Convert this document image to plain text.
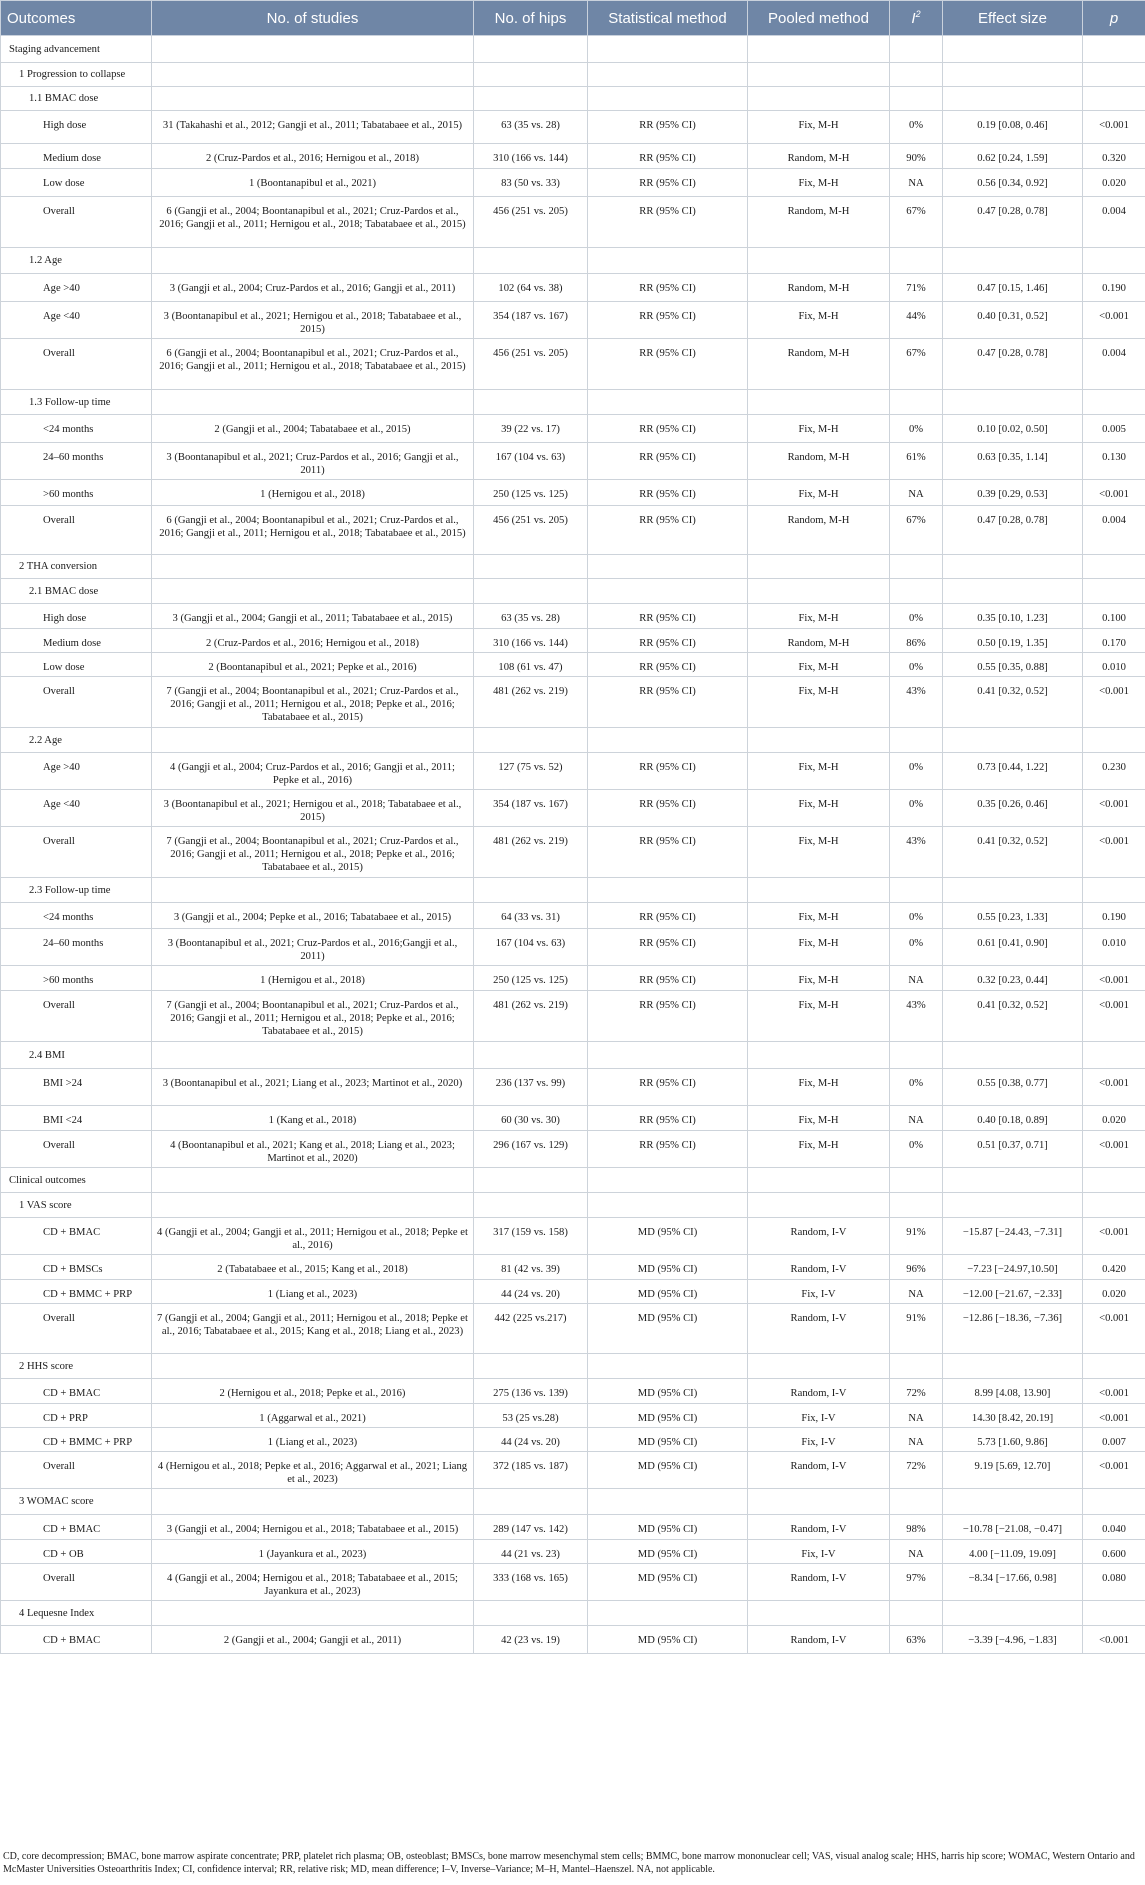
Outcomes	No. of studies	No. of hips	Statistical method	Pooled method	$I^2$	Effect size	p
Staging advancement							
1 Progression to collapse							
1.1 BMAC dose							
High dose	31 (Takahashi et al., 2012; Gangji et al., 2011; Tabatabaee et al., 2015)	63 (35 vs. 28)	RR (95% CI)	Fix, M-H	0%	0.19 [0.08, 0.46]	<0.001
Medium dose	2 (Cruz-Pardos et al., 2016; Hernigou et al., 2018)	310 (166 vs. 144)	RR (95% CI)	Random, M-H	90%	0.62 [0.24, 1.59]	0.320
Low dose	1 (Boontanapibul et al., 2021)	83 (50 vs. 33)	RR (95% CI)	Fix, M-H	NA	0.56 [0.34, 0.92]	0.020
Overall	6 (Gangji et al., 2004; Boontanapibul et al., 2021; Cruz-Pardos et al., 2016; Gangji et al., 2011; Hernigou et al., 2018; Tabatabaee et al., 2015)	456 (251 vs. 205)	RR (95% CI)	Random, M-H	67%	0.47 [0.28, 0.78]	0.004
1.2 Age							
Age >40	3 (Gangji et al., 2004; Cruz-Pardos et al., 2016; Gangji et al., 2011)	102 (64 vs. 38)	RR (95% CI)	Random, M-H	71%	0.47 [0.15, 1.46]	0.190
Age <40	3 (Boontanapibul et al., 2021; Hernigou et al., 2018; Tabatabaee et al., 2015)	354 (187 vs. 167)	RR (95% CI)	Fix, M-H	44%	0.40 [0.31, 0.52]	<0.001
Overall	6 (Gangji et al., 2004; Boontanapibul et al., 2021; Cruz-Pardos et al., 2016; Gangji et al., 2011; Hernigou et al., 2018; Tabatabaee et al., 2015)	456 (251 vs. 205)	RR (95% CI)	Random, M-H	67%	0.47 [0.28, 0.78]	0.004
1.3 Follow-up time							
<24 months	2 (Gangji et al., 2004; Tabatabaee et al., 2015)	39 (22 vs. 17)	RR (95% CI)	Fix, M-H	0%	0.10 [0.02, 0.50]	0.005
24–60 months	3 (Boontanapibul et al., 2021; Cruz-Pardos et al., 2016; Gangji et al., 2011)	167 (104 vs. 63)	RR (95% CI)	Random, M-H	61%	0.63 [0.35, 1.14]	0.130
>60 months	1 (Hernigou et al., 2018)	250 (125 vs. 125)	RR (95% CI)	Fix, M-H	NA	0.39 [0.29, 0.53]	<0.001
Overall	6 (Gangji et al., 2004; Boontanapibul et al., 2021; Cruz-Pardos et al., 2016; Gangji et al., 2011; Hernigou et al., 2018; Tabatabaee et al., 2015)	456 (251 vs. 205)	RR (95% CI)	Random, M-H	67%	0.47 [0.28, 0.78]	0.004
2 THA conversion							
2.1 BMAC dose							
High dose	3 (Gangji et al., 2004; Gangji et al., 2011; Tabatabaee et al., 2015)	63 (35 vs. 28)	RR (95% CI)	Fix, M-H	0%	0.35 [0.10, 1.23]	0.100
Medium dose	2 (Cruz-Pardos et al., 2016; Hernigou et al., 2018)	310 (166 vs. 144)	RR (95% CI)	Random, M-H	86%	0.50 [0.19, 1.35]	0.170
Low dose	2 (Boontanapibul et al., 2021; Pepke et al., 2016)	108 (61 vs. 47)	RR (95% CI)	Fix, M-H	0%	0.55 [0.35, 0.88]	0.010
Overall	7 (Gangji et al., 2004; Boontanapibul et al., 2021; Cruz-Pardos et al., 2016; Gangji et al., 2011; Hernigou et al., 2018; Pepke et al., 2016; Tabatabaee et al., 2015)	481 (262 vs. 219)	RR (95% CI)	Fix, M-H	43%	0.41 [0.32, 0.52]	<0.001
2.2 Age							
Age >40	4 (Gangji et al., 2004; Cruz-Pardos et al., 2016; Gangji et al., 2011; Pepke et al., 2016)	127 (75 vs. 52)	RR (95% CI)	Fix, M-H	0%	0.73 [0.44, 1.22]	0.230
Age <40	3 (Boontanapibul et al., 2021; Hernigou et al., 2018; Tabatabaee et al., 2015)	354 (187 vs. 167)	RR (95% CI)	Fix, M-H	0%	0.35 [0.26, 0.46]	<0.001
Overall	7 (Gangji et al., 2004; Boontanapibul et al., 2021; Cruz-Pardos et al., 2016; Gangji et al., 2011; Hernigou et al., 2018; Pepke et al., 2016; Tabatabaee et al., 2015)	481 (262 vs. 219)	RR (95% CI)	Fix, M-H	43%	0.41 [0.32, 0.52]	<0.001
2.3 Follow-up time							
<24 months	3 (Gangji et al., 2004; Pepke et al., 2016; Tabatabaee et al., 2015)	64 (33 vs. 31)	RR (95% CI)	Fix, M-H	0%	0.55 [0.23, 1.33]	0.190
24–60 months	3 (Boontanapibul et al., 2021; Cruz-Pardos et al., 2016;Gangji et al., 2011)	167 (104 vs. 63)	RR (95% CI)	Fix, M-H	0%	0.61 [0.41, 0.90]	0.010
>60 months	1 (Hernigou et al., 2018)	250 (125 vs. 125)	RR (95% CI)	Fix, M-H	NA	0.32 [0.23, 0.44]	<0.001
Overall	7 (Gangji et al., 2004; Boontanapibul et al., 2021; Cruz-Pardos et al., 2016; Gangji et al., 2011; Hernigou et al., 2018; Pepke et al., 2016; Tabatabaee et al., 2015)	481 (262 vs. 219)	RR (95% CI)	Fix, M-H	43%	0.41 [0.32, 0.52]	<0.001
2.4 BMI							
BMI >24	3 (Boontanapibul et al., 2021; Liang et al., 2023; Martinot et al., 2020)	236 (137 vs. 99)	RR (95% CI)	Fix, M-H	0%	0.55 [0.38, 0.77]	<0.001
BMI <24	1 (Kang et al., 2018)	60 (30 vs. 30)	RR (95% CI)	Fix, M-H	NA	0.40 [0.18, 0.89]	0.020
Overall	4 (Boontanapibul et al., 2021; Kang et al., 2018; Liang et al., 2023; Martinot et al., 2020)	296 (167 vs. 129)	RR (95% CI)	Fix, M-H	0%	0.51 [0.37, 0.71]	<0.001
Clinical outcomes							
1 VAS score							
CD + BMAC	4 (Gangji et al., 2004; Gangji et al., 2011; Hernigou et al., 2018; Pepke et al., 2016)	317 (159 vs. 158)	MD (95% CI)	Random, I-V	91%	−15.87 [−24.43, −7.31]	<0.001
CD + BMSCs	2 (Tabatabaee et al., 2015; Kang et al., 2018)	81 (42 vs. 39)	MD (95% CI)	Random, I-V	96%	−7.23 [−24.97,10.50]	0.420
CD + BMMC + PRP	1 (Liang et al., 2023)	44 (24 vs. 20)	MD (95% CI)	Fix, I-V	NA	−12.00 [−21.67, −2.33]	0.020
Overall	7 (Gangji et al., 2004; Gangji et al., 2011; Hernigou et al., 2018; Pepke et al., 2016; Tabatabaee et al., 2015; Kang et al., 2018; Liang et al., 2023)	442 (225 vs.217)	MD (95% CI)	Random, I-V	91%	−12.86 [−18.36, −7.36]	<0.001
2 HHS score							
CD + BMAC	2 (Hernigou et al., 2018; Pepke et al., 2016)	275 (136 vs. 139)	MD (95% CI)	Random, I-V	72%	8.99 [4.08, 13.90]	<0.001
CD + PRP	1 (Aggarwal et al., 2021)	53 (25 vs.28)	MD (95% CI)	Fix, I-V	NA	14.30 [8.42, 20.19]	<0.001
CD + BMMC + PRP	1 (Liang et al., 2023)	44 (24 vs. 20)	MD (95% CI)	Fix, I-V	NA	5.73 [1.60, 9.86]	0.007
Overall	4 (Hernigou et al., 2018; Pepke et al., 2016; Aggarwal et al., 2021; Liang et al., 2023)	372 (185 vs. 187)	MD (95% CI)	Random, I-V	72%	9.19 [5.69, 12.70]	<0.001
3 WOMAC score							
CD + BMAC	3 (Gangji et al., 2004; Hernigou et al., 2018; Tabatabaee et al., 2015)	289 (147 vs. 142)	MD (95% CI)	Random, I-V	98%	−10.78 [−21.08, −0.47]	0.040
CD + OB	1 (Jayankura et al., 2023)	44 (21 vs. 23)	MD (95% CI)	Fix, I-V	NA	4.00 [−11.09, 19.09]	0.600
Overall	4 (Gangji et al., 2004; Hernigou et al., 2018; Tabatabaee et al., 2015; Jayankura et al., 2023)	333 (168 vs. 165)	MD (95% CI)	Random, I-V	97%	−8.34 [−17.66, 0.98]	0.080
4 Lequesne Index							
CD + BMAC	2 (Gangji et al., 2004; Gangji et al., 2011)	42 (23 vs. 19)	MD (95% CI)	Random, I-V	63%	−3.39 [−4.96, −1.83]	<0.001
CD, core decompression; BMAC, bone marrow aspirate concentrate; PRP, platelet rich plasma; OB, osteoblast; BMSCs, bone marrow mesenchymal stem cells; BMMC, bone marrow mononuclear cell; VAS, visual analog scale; HHS, harris hip score; WOMAC, Western Ontario and McMaster Universities Osteoarthritis Index; CI, confidence interval; RR, relative risk; MD, mean difference; I–V, Inverse–Variance; M–H, Mantel–Haenszel. NA, not applicable.
